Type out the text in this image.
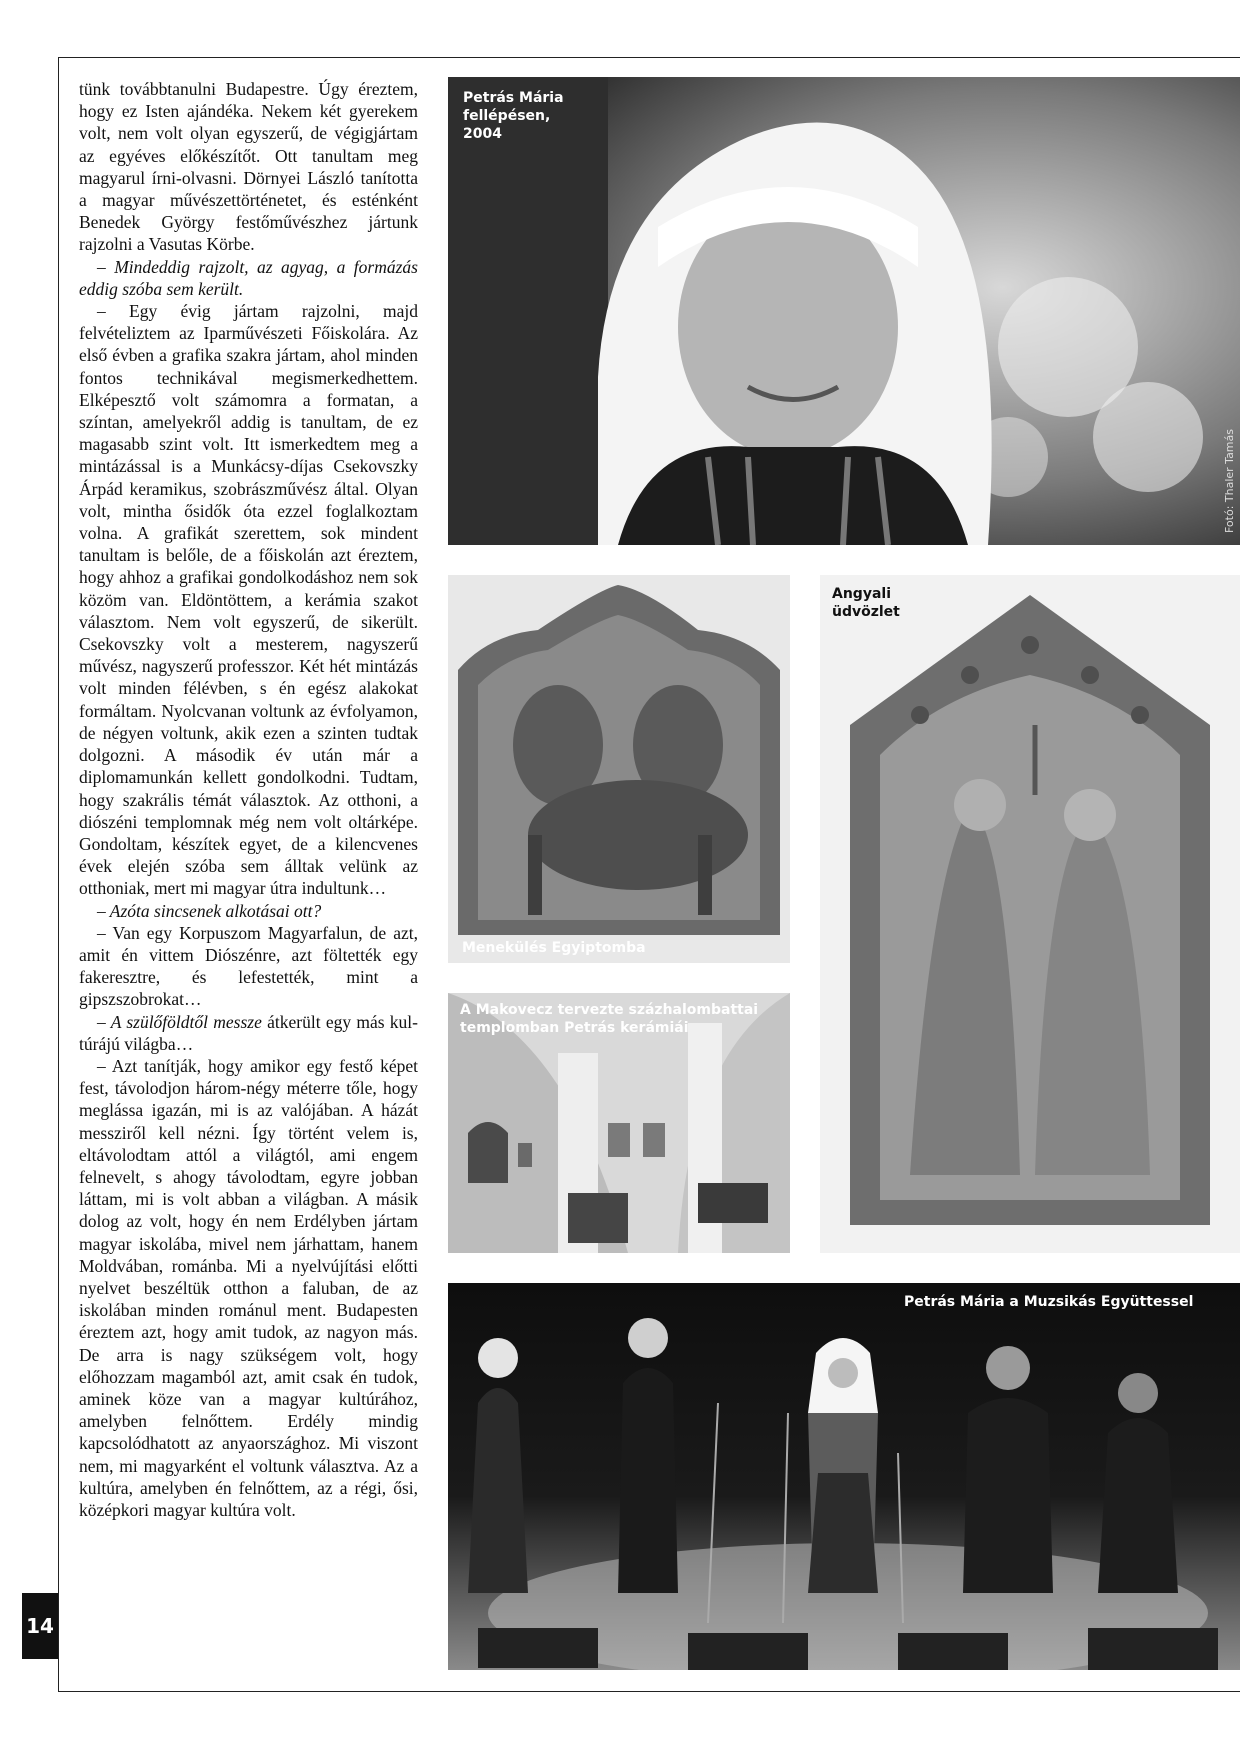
14

tünk továbbtanulni Budapestre. Úgy éreztem, hogy ez Isten ajándéka. Nekem két gyerekem volt, nem volt olyan egyszerű, de végigjártam az egyéves előkészítőt. Ott tanultam meg magyarul írni-olvasni. Dörnyei László tanította a magyar művészettörténetet, és esténként Benedek György festőművészhez jártunk rajzolni a Vasutas Körbe.

– Mindeddig rajzolt, az agyag, a formázás eddig szóba sem került.

– Egy évig jártam rajzolni, majd felvételiztem az Iparművészeti Főiskolára. Az első évben a grafika szakra jártam, ahol minden fontos technikával megismerkedhettem. Elképesztő volt számomra a formatan, a színtan, amelyekről addig is tanultam, de ez magasabb szint volt. Itt ismerkedtem meg a mintázással is a Munkácsy-díjas Csekovszky Árpád keramikus, szobrászművész által. Olyan volt, mintha ősidők óta ezzel foglalkoztam volna. A grafikát szerettem, sok mindent tanultam is belőle, de a főiskolán azt éreztem, hogy ahhoz a grafikai gondolkodáshoz nem sok közöm van. Eldöntöttem, a kerámia szakot választom. Nem volt egyszerű, de sikerült. Csekovszky volt a mesterem, nagyszerű művész, nagyszerű professzor. Két hét mintázás volt minden félévben, s én egész alakokat formáltam. Nyolcvanan voltunk az évfolyamon, de négyen voltunk, akik ezen a szinten tudtak dolgozni. A második év után már a diplomamunkán kellett gondolkodni. Tudtam, hogy szakrális témát választok. Az otthoni, a diószéni templomnak még nem volt oltárképe. Gondoltam, készítek egyet, de a kilencvenes évek elején szóba sem álltak velünk az otthoniak, mert mi magyar útra indultunk…

– Azóta sincsenek alkotásai ott?

– Van egy Korpuszom Magyarfalun, de azt, amit én vittem Diószénre, azt föltették egy fakeresztre, és lefestették, mint a gipszszobrokat…

– A szülőföldtől messze átkerült egy más kul-túrájú világba…

– Azt tanítják, hogy amikor egy festő képet fest, távolodjon három-négy méterre tőle, hogy meglássa igazán, mi is az valójában. A házát messziről kell nézni. Így történt velem is, eltávolodtam attól a világtól, ami engem felnevelt, s ahogy távolodtam, egyre jobban láttam, mi is volt abban a világban. A másik dolog az volt, hogy én nem Erdélyben jártam magyar iskolába, mivel nem járhattam, hanem Moldvában, románba. Mi a nyelvújítási előtti nyelvet beszéltük otthon a faluban, de az iskolában minden románul ment. Budapesten éreztem azt, hogy amit tudok, az nagyon más. De arra is nagy szükségem volt, hogy előhozzam magamból azt, amit csak én tudok, aminek köze van a magyar kultúrához, amelyben felnőttem. Erdély mindig kapcsolódhatott az anyaországhoz. Mi viszont nem, mi magyarként el voltunk választva. Az a kultúra, amelyben én felnőttem, az a régi, ősi, középkori magyar kultúra volt.

Petrás Mária
fellépésen,
2004
Fotó: Thaler Tamás
Menekülés Egyiptomba
Angyali
üdvözlet
A Makovecz tervezte százhalombattai
templomban Petrás kerámiái
Petrás Mária a Muzsikás Együttessel
